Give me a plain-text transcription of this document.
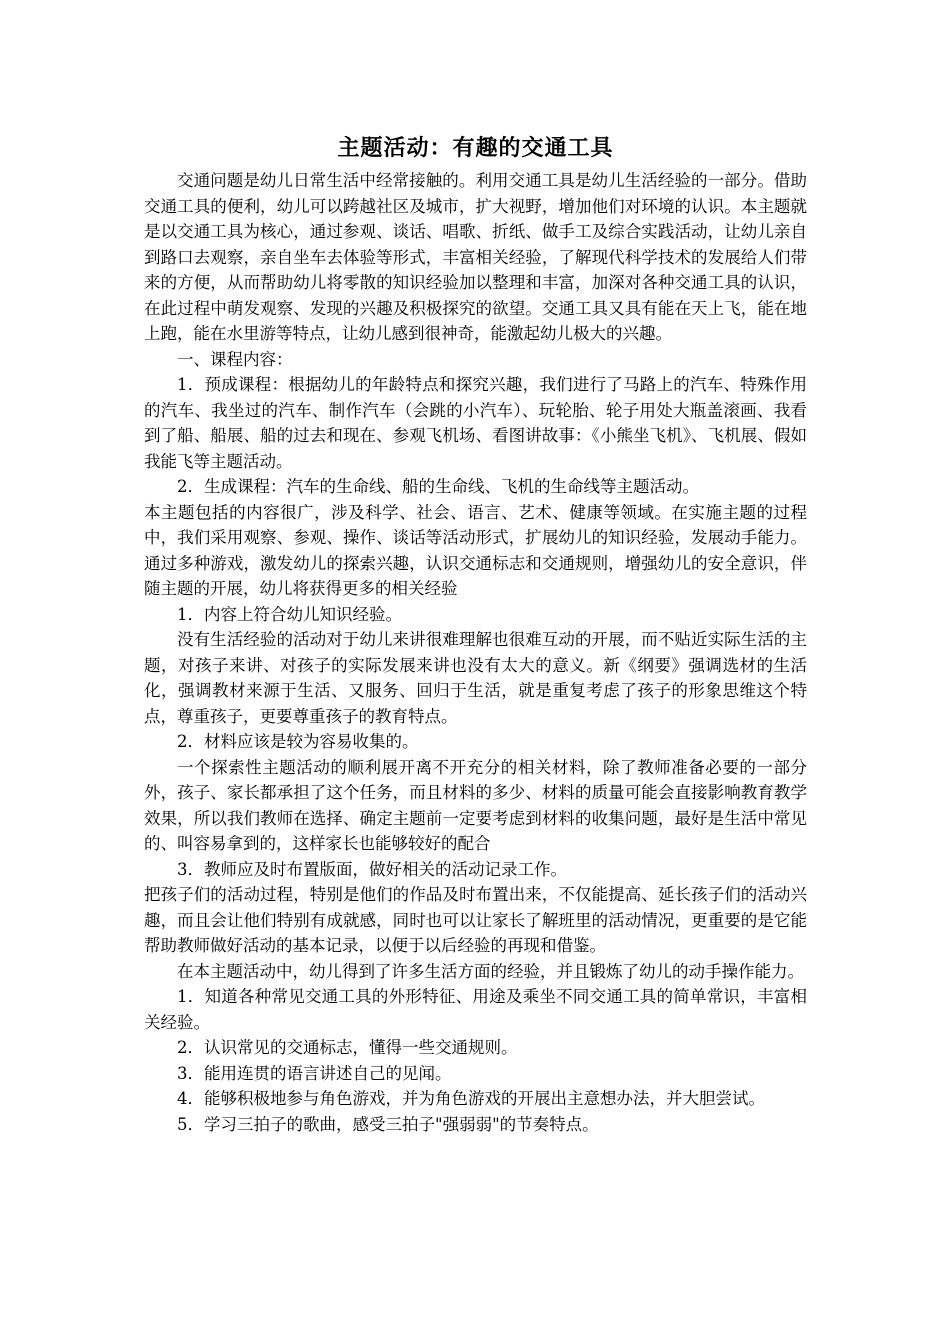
主题活动：有趣的交通工具

交通问题是幼儿日常生活中经常接触的。利用交通工具是幼儿生活经验的一部分。借助交通工具的便利，幼儿可以跨越社区及城市，扩大视野，增加他们对环境的认识。本主题就是以交通工具为核心，通过参观、谈话、唱歌、折纸、做手工及综合实践活动，让幼儿亲自到路口去观察，亲自坐车去体验等形式，丰富相关经验，了解现代科学技术的发展给人们带来的方便，从而帮助幼儿将零散的知识经验加以整理和丰富，加深对各种交通工具的认识，在此过程中萌发观察、发现的兴趣及积极探究的欲望。交通工具又具有能在天上飞，能在地上跑，能在水里游等特点，让幼儿感到很神奇，能激起幼儿极大的兴趣。

一、课程内容：

1．预成课程：根据幼儿的年龄特点和探究兴趣，我们进行了马路上的汽车、特殊作用的汽车、我坐过的汽车、制作汽车（会跳的小汽车）、玩轮胎、轮子用处大瓶盖滚画、我看到了船、船展、船的过去和现在、参观飞机场、看图讲故事：《小熊坐飞机》、飞机展、假如我能飞等主题活动。

2．生成课程：汽车的生命线、船的生命线、飞机的生命线等主题活动。

本主题包括的内容很广，涉及科学、社会、语言、艺术、健康等领域。在实施主题的过程中，我们采用观察、参观、操作、谈话等活动形式，扩展幼儿的知识经验，发展动手能力。通过多种游戏，激发幼儿的探索兴趣，认识交通标志和交通规则，增强幼儿的安全意识，伴随主题的开展，幼儿将获得更多的相关经验

1．内容上符合幼儿知识经验。

没有生活经验的活动对于幼儿来讲很难理解也很难互动的开展，而不贴近实际生活的主题，对孩子来讲、对孩子的实际发展来讲也没有太大的意义。新《纲要》强调选材的生活化，强调教材来源于生活、又服务、回归于生活，就是重复考虑了孩子的形象思维这个特点，尊重孩子，更要尊重孩子的教育特点。

2．材料应该是较为容易收集的。

一个探索性主题活动的顺利展开离不开充分的相关材料，除了教师准备必要的一部分外，孩子、家长都承担了这个任务，而且材料的多少、材料的质量可能会直接影响教育教学效果，所以我们教师在选择、确定主题前一定要考虑到材料的收集问题，最好是生活中常见的、叫容易拿到的，这样家长也能够较好的配合

3．教师应及时布置版面，做好相关的活动记录工作。

把孩子们的活动过程，特别是他们的作品及时布置出来，不仅能提高、延长孩子们的活动兴趣，而且会让他们特别有成就感，同时也可以让家长了解班里的活动情况，更重要的是它能帮助教师做好活动的基本记录，以便于以后经验的再现和借鉴。

在本主题活动中，幼儿得到了许多生活方面的经验，并且锻炼了幼儿的动手操作能力。

1．知道各种常见交通工具的外形特征、用途及乘坐不同交通工具的简单常识，丰富相关经验。

2．认识常见的交通标志，懂得一些交通规则。

3．能用连贯的语言讲述自己的见闻。

4．能够积极地参与角色游戏，并为角色游戏的开展出主意想办法，并大胆尝试。

5．学习三拍子的歌曲，感受三拍子"强弱弱"的节奏特点。
